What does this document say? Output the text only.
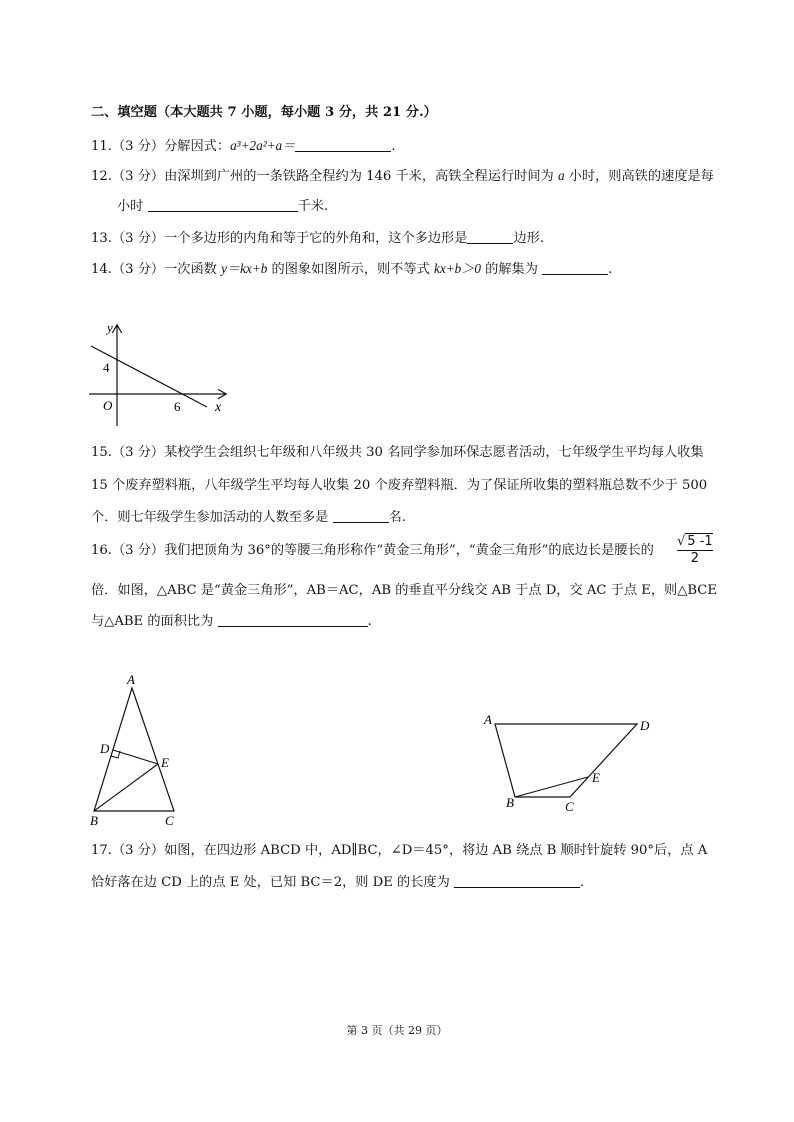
二、填空题（本大题共 7 小题，每小题 3 分，共 21 分.）
11.（3 分）分解因式：a³+2a²+a＝	.
12.（3 分）由深圳到广州的一条铁路全程约为 146 千米，高铁全程运行时间为 a 小时，则高铁的速度是每
小时	千米.
13.（3 分）一个多边形的内角和等于它的外角和，这个多边形是	边形.
14.（3 分）一次函数 y＝kx+b 的图象如图所示，则不等式 kx+b＞0 的解集为	.
y
x
O
4
6
15.（3 分）某校学生会组织七年级和八年级共 30 名同学参加环保志愿者活动，七年级学生平均每人收集
15 个废弃塑料瓶，八年级学生平均每人收集 20 个废弃塑料瓶．为了保证所收集的塑料瓶总数不少于 500
个．则七年级学生参加活动的人数至多是	名.
16.（3 分）我们把顶角为 36°的等腰三角形称作“黄金三角形”，“黄金三角形”的底边长是腰长的 $\frac{√ 5 -1}{2}$
倍．如图，△ABC 是“黄金三角形”，AB＝AC，AB 的垂直平分线交 AB 于点 D，交 AC 于点 E，则△BCE
与△ABE 的面积比为	.
A
D
E
B	C
A	D
E
B	C
17.（3 分）如图，在四边形 ABCD 中，AD∥BC，∠D＝45°，将边 AB 绕点 B 顺时针旋转 90°后，点 A
恰好落在边 CD 上的点 E 处，已知 BC＝2，则 DE 的长度为	.
第 3 页（共 29 页）
